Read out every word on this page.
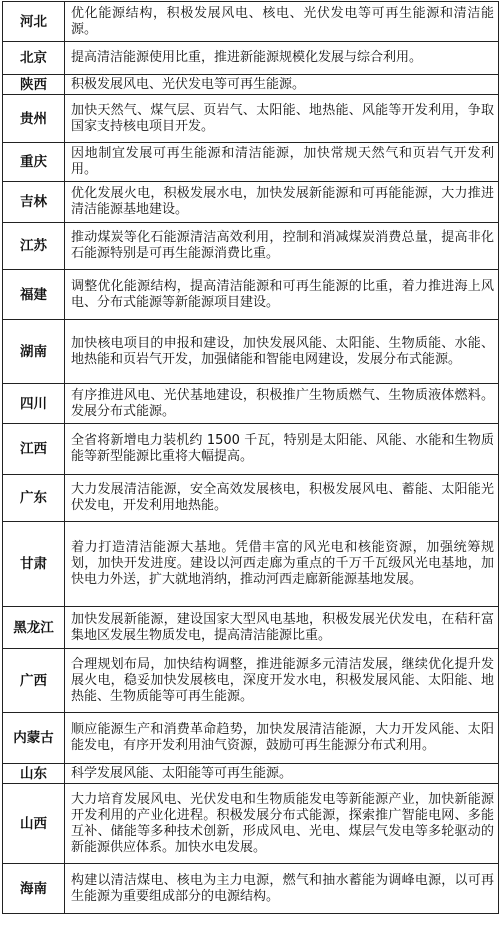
河北	优化能源结构，积极发展风电、核电、光伏发电等可再生能源和清洁能源。
北京	提高清洁能源使用比重，推进新能源规模化发展与综合利用。
陕西	积极发展风电、光伏发电等可再生能源。
贵州	加快天然气、煤气层、页岩气、太阳能、地热能、风能等开发利用，争取国家支持核电项目开发。
重庆	因地制宜发展可再生能源和清洁能源，加快常规天然气和页岩气开发利用。
吉林	优化发展火电，积极发展水电，加快发展新能源和可再能能源，大力推进清洁能源基地建设。
江苏	推动煤炭等化石能源清洁高效利用，控制和消减煤炭消费总量，提高非化石能源特别是可再生能源消费比重。
福建	调整优化能源结构，提高清洁能源和可再生能源的比重，着力推进海上风电、分布式能源等新能源项目建设。
湖南	加快核电项目的申报和建设，加快发展风能、太阳能、生物质能、水能、地热能和页岩气开发，加强储能和智能电网建设，发展分布式能源。
四川	有序推进风电、光伏基地建设，积极推广生物质燃气、生物质液体燃料。发展分布式能源。
江西	全省将新增电力装机约 1500 千瓦，特别是太阳能、风能、水能和生物质能等新型能源比重将大幅提高。
广东	大力发展清洁能源，安全高效发展核电，积极发展风电、蓄能、太阳能光伏发电，开发利用地热能。
甘肃	着力打造清洁能源大基地。凭借丰富的风光电和核能资源，加强统筹规划，加快开发进度。建设以河西走廊为重点的千万千瓦级风光电基地，加快电力外送，扩大就地消纳，推动河西走廊新能源基地发展。
黑龙江	加快发展新能源，建设国家大型风电基地，积极发展光伏发电，在秸秆富集地区发展生物质发电，提高清洁能源比重。
广西	合理规划布局，加快结构调整，推进能源多元清洁发展，继续优化提升发展火电，稳妥加快发展核电，深度开发水电，积极发展风能、太阳能、地热能、生物质能等可再生能源。
内蒙古	顺应能源生产和消费革命趋势，加快发展清洁能源，大力开发风能、太阳能发电，有序开发利用油气资源，鼓励可再生能源分布式利用。
山东	科学发展风能、太阳能等可再生能源。
山西	大力培育发展风电、光伏发电和生物质能发电等新能源产业，加快新能源开发利用的产业化进程。积极发展分布式能源，探索推广智能电网、多能互补、储能等多种技术创新，形成风电、光电、煤层气发电等多轮驱动的新能源供应体系。加快水电发展。
海南	构建以清洁煤电、核电为主力电源，燃气和抽水蓄能为调峰电源，以可再生能源为重要组成部分的电源结构。
